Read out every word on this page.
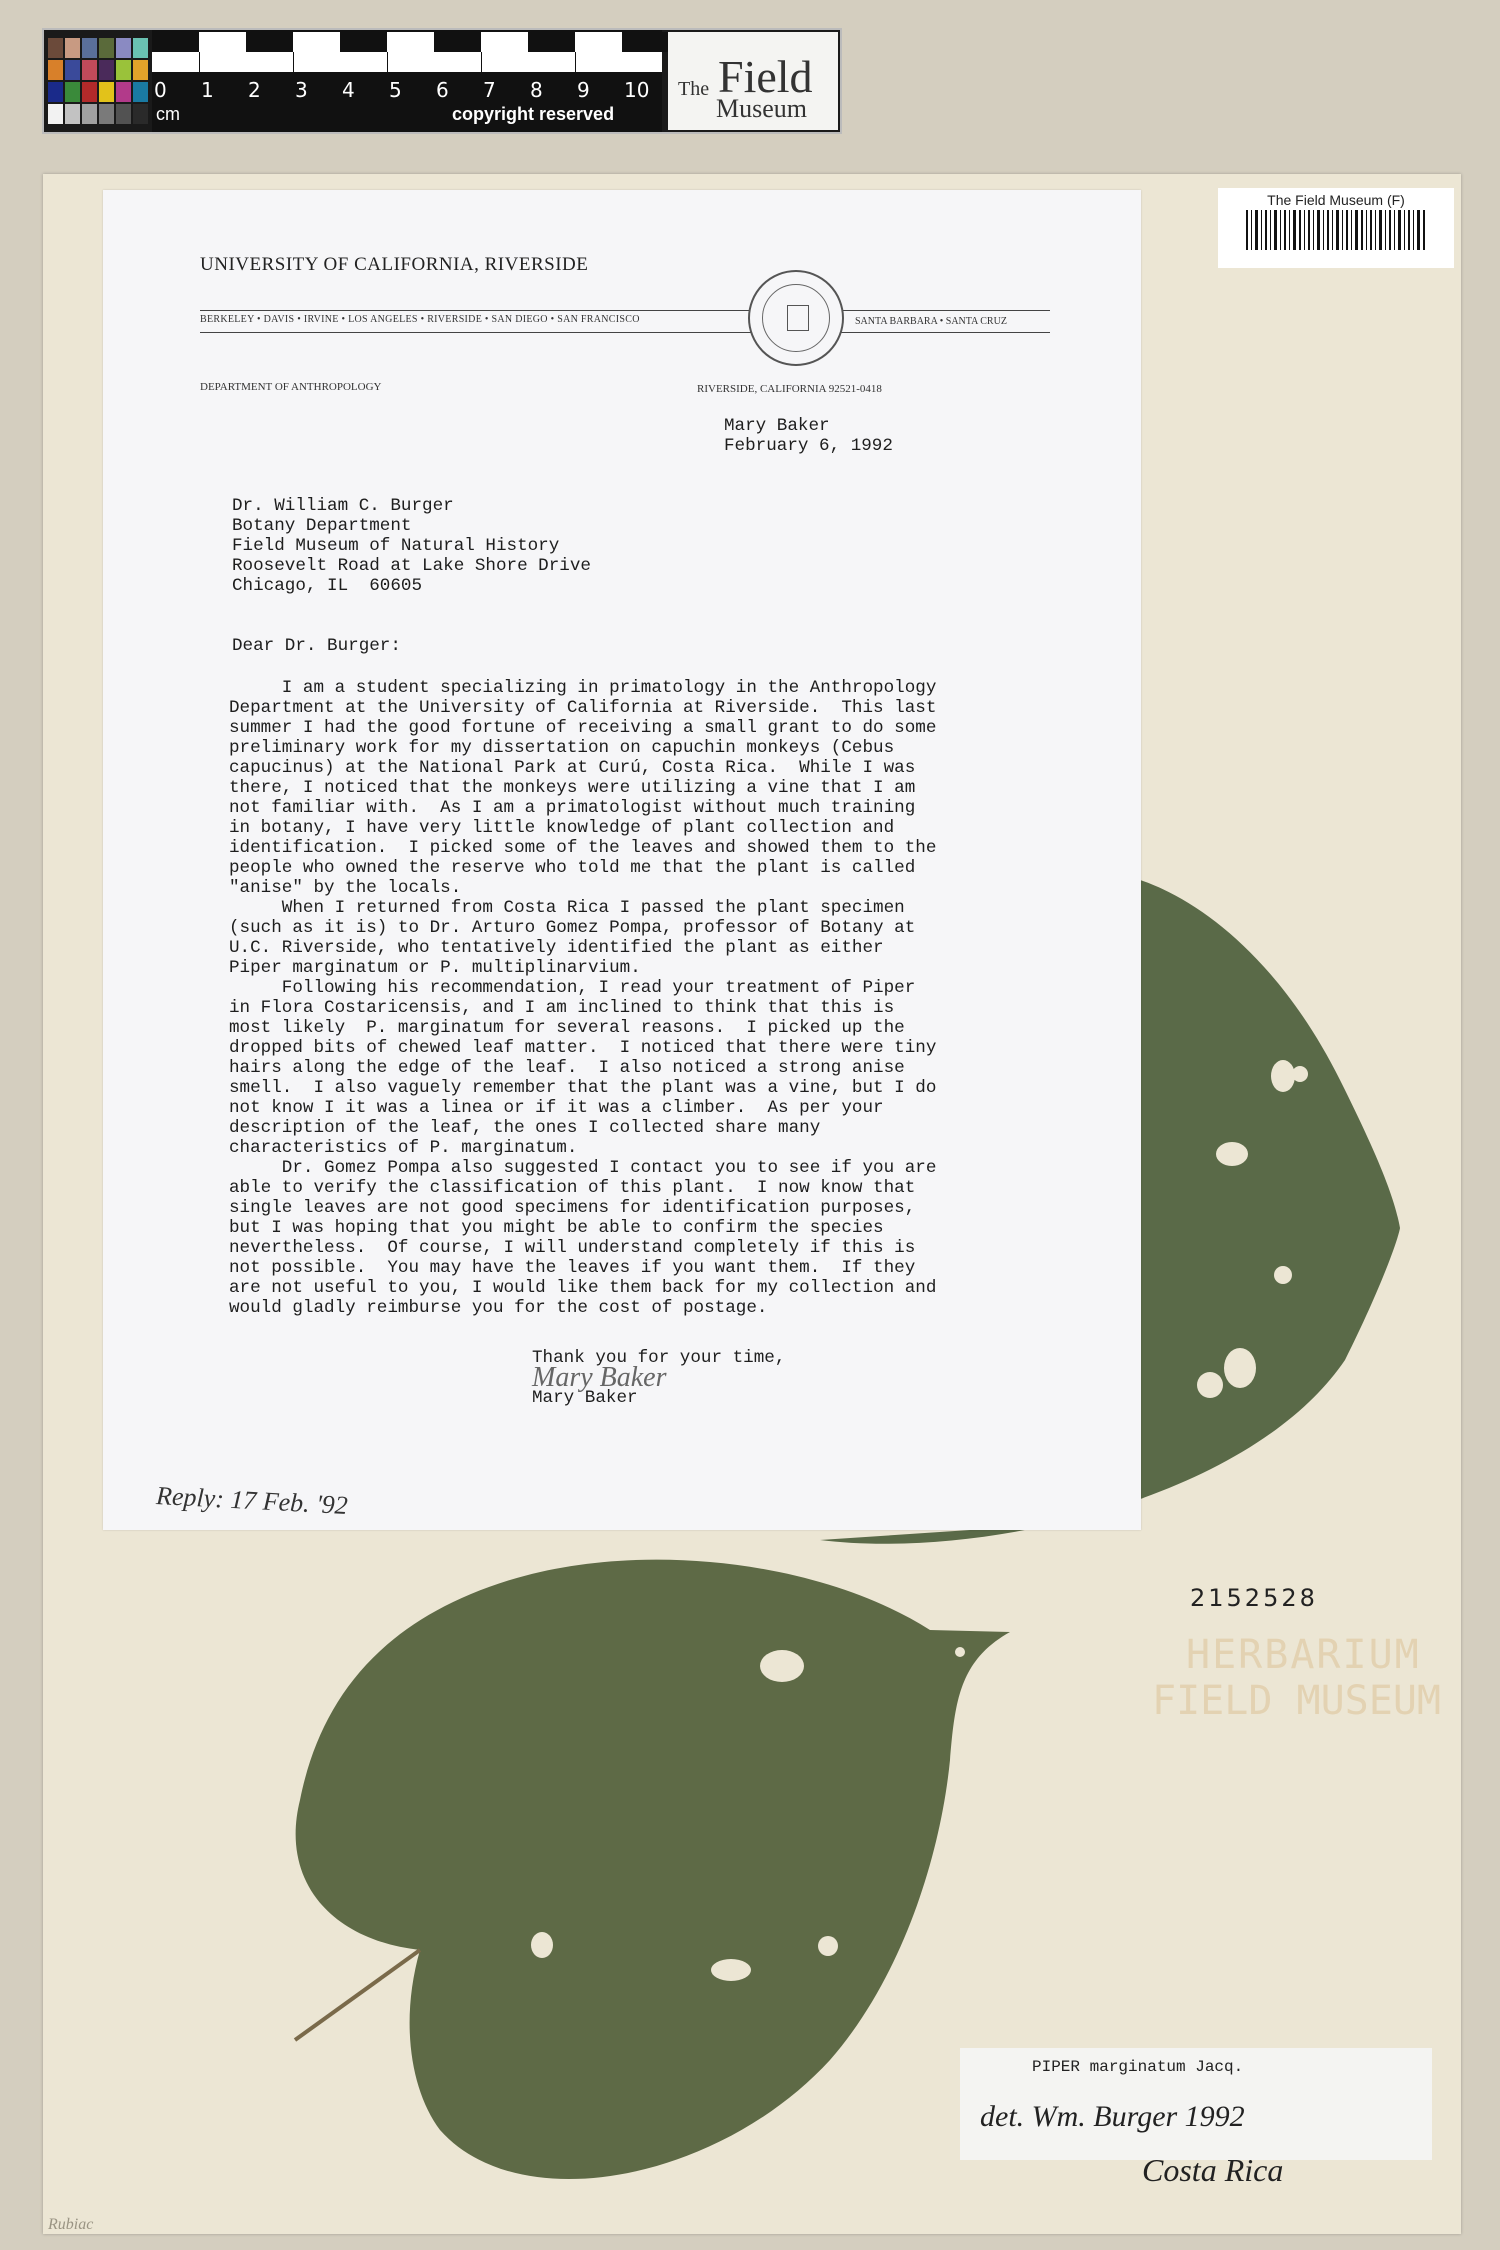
0 1 2 3 4 5 6 7 8 9 10
cm	copyright reserved
The Field
Museum
The Field Museum (F)
UNIVERSITY OF CALIFORNIA, RIVERSIDE
BERKELEY • DAVIS • IRVINE • LOS ANGELES • RIVERSIDE • SAN DIEGO • SAN FRANCISCO	SANTA BARBARA • SANTA CRUZ
DEPARTMENT OF ANTHROPOLOGY	RIVERSIDE, CALIFORNIA 92521-0418
Mary Baker
February 6, 1992
Dr. William C. Burger
Botany Department
Field Museum of Natural History
Roosevelt Road at Lake Shore Drive
Chicago, IL  60605
Dear Dr. Burger:
I am a student specializing in primatology in the Anthropology
Department at the University of California at Riverside.  This last
summer I had the good fortune of receiving a small grant to do some
preliminary work for my dissertation on capuchin monkeys (Cebus
capucinus) at the National Park at Curú, Costa Rica.  While I was
there, I noticed that the monkeys were utilizing a vine that I am
not familiar with.  As I am a primatologist without much training
in botany, I have very little knowledge of plant collection and
identification.  I picked some of the leaves and showed them to the
people who owned the reserve who told me that the plant is called
"anise" by the locals.
When I returned from Costa Rica I passed the plant specimen
(such as it is) to Dr. Arturo Gomez Pompa, professor of Botany at
U.C. Riverside, who tentatively identified the plant as either
Piper marginatum or P. multiplinarvium.
Following his recommendation, I read your treatment of Piper
in Flora Costaricensis, and I am inclined to think that this is
most likely  P. marginatum for several reasons.  I picked up the
dropped bits of chewed leaf matter.  I noticed that there were tiny
hairs along the edge of the leaf.  I also noticed a strong anise
smell.  I also vaguely remember that the plant was a vine, but I do
not know I it was a linea or if it was a climber.  As per your
description of the leaf, the ones I collected share many
characteristics of P. marginatum.
Dr. Gomez Pompa also suggested I contact you to see if you are
able to verify the classification of this plant.  I now know that
single leaves are not good specimens for identification purposes,
but I was hoping that you might be able to confirm the species
nevertheless.  Of course, I will understand completely if this is
not possible.  You may have the leaves if you want them.  If they
are not useful to you, I would like them back for my collection and
would gladly reimburse you for the cost of postage.
Thank you for your time,
Mary Baker
Mary Baker
Reply: 17 Feb. '92
2152528
HERBARIUM
FIELD MUSEUM
PIPER marginatum Jacq.
det. Wm. Burger 1992
Costa Rica
Rubiac
